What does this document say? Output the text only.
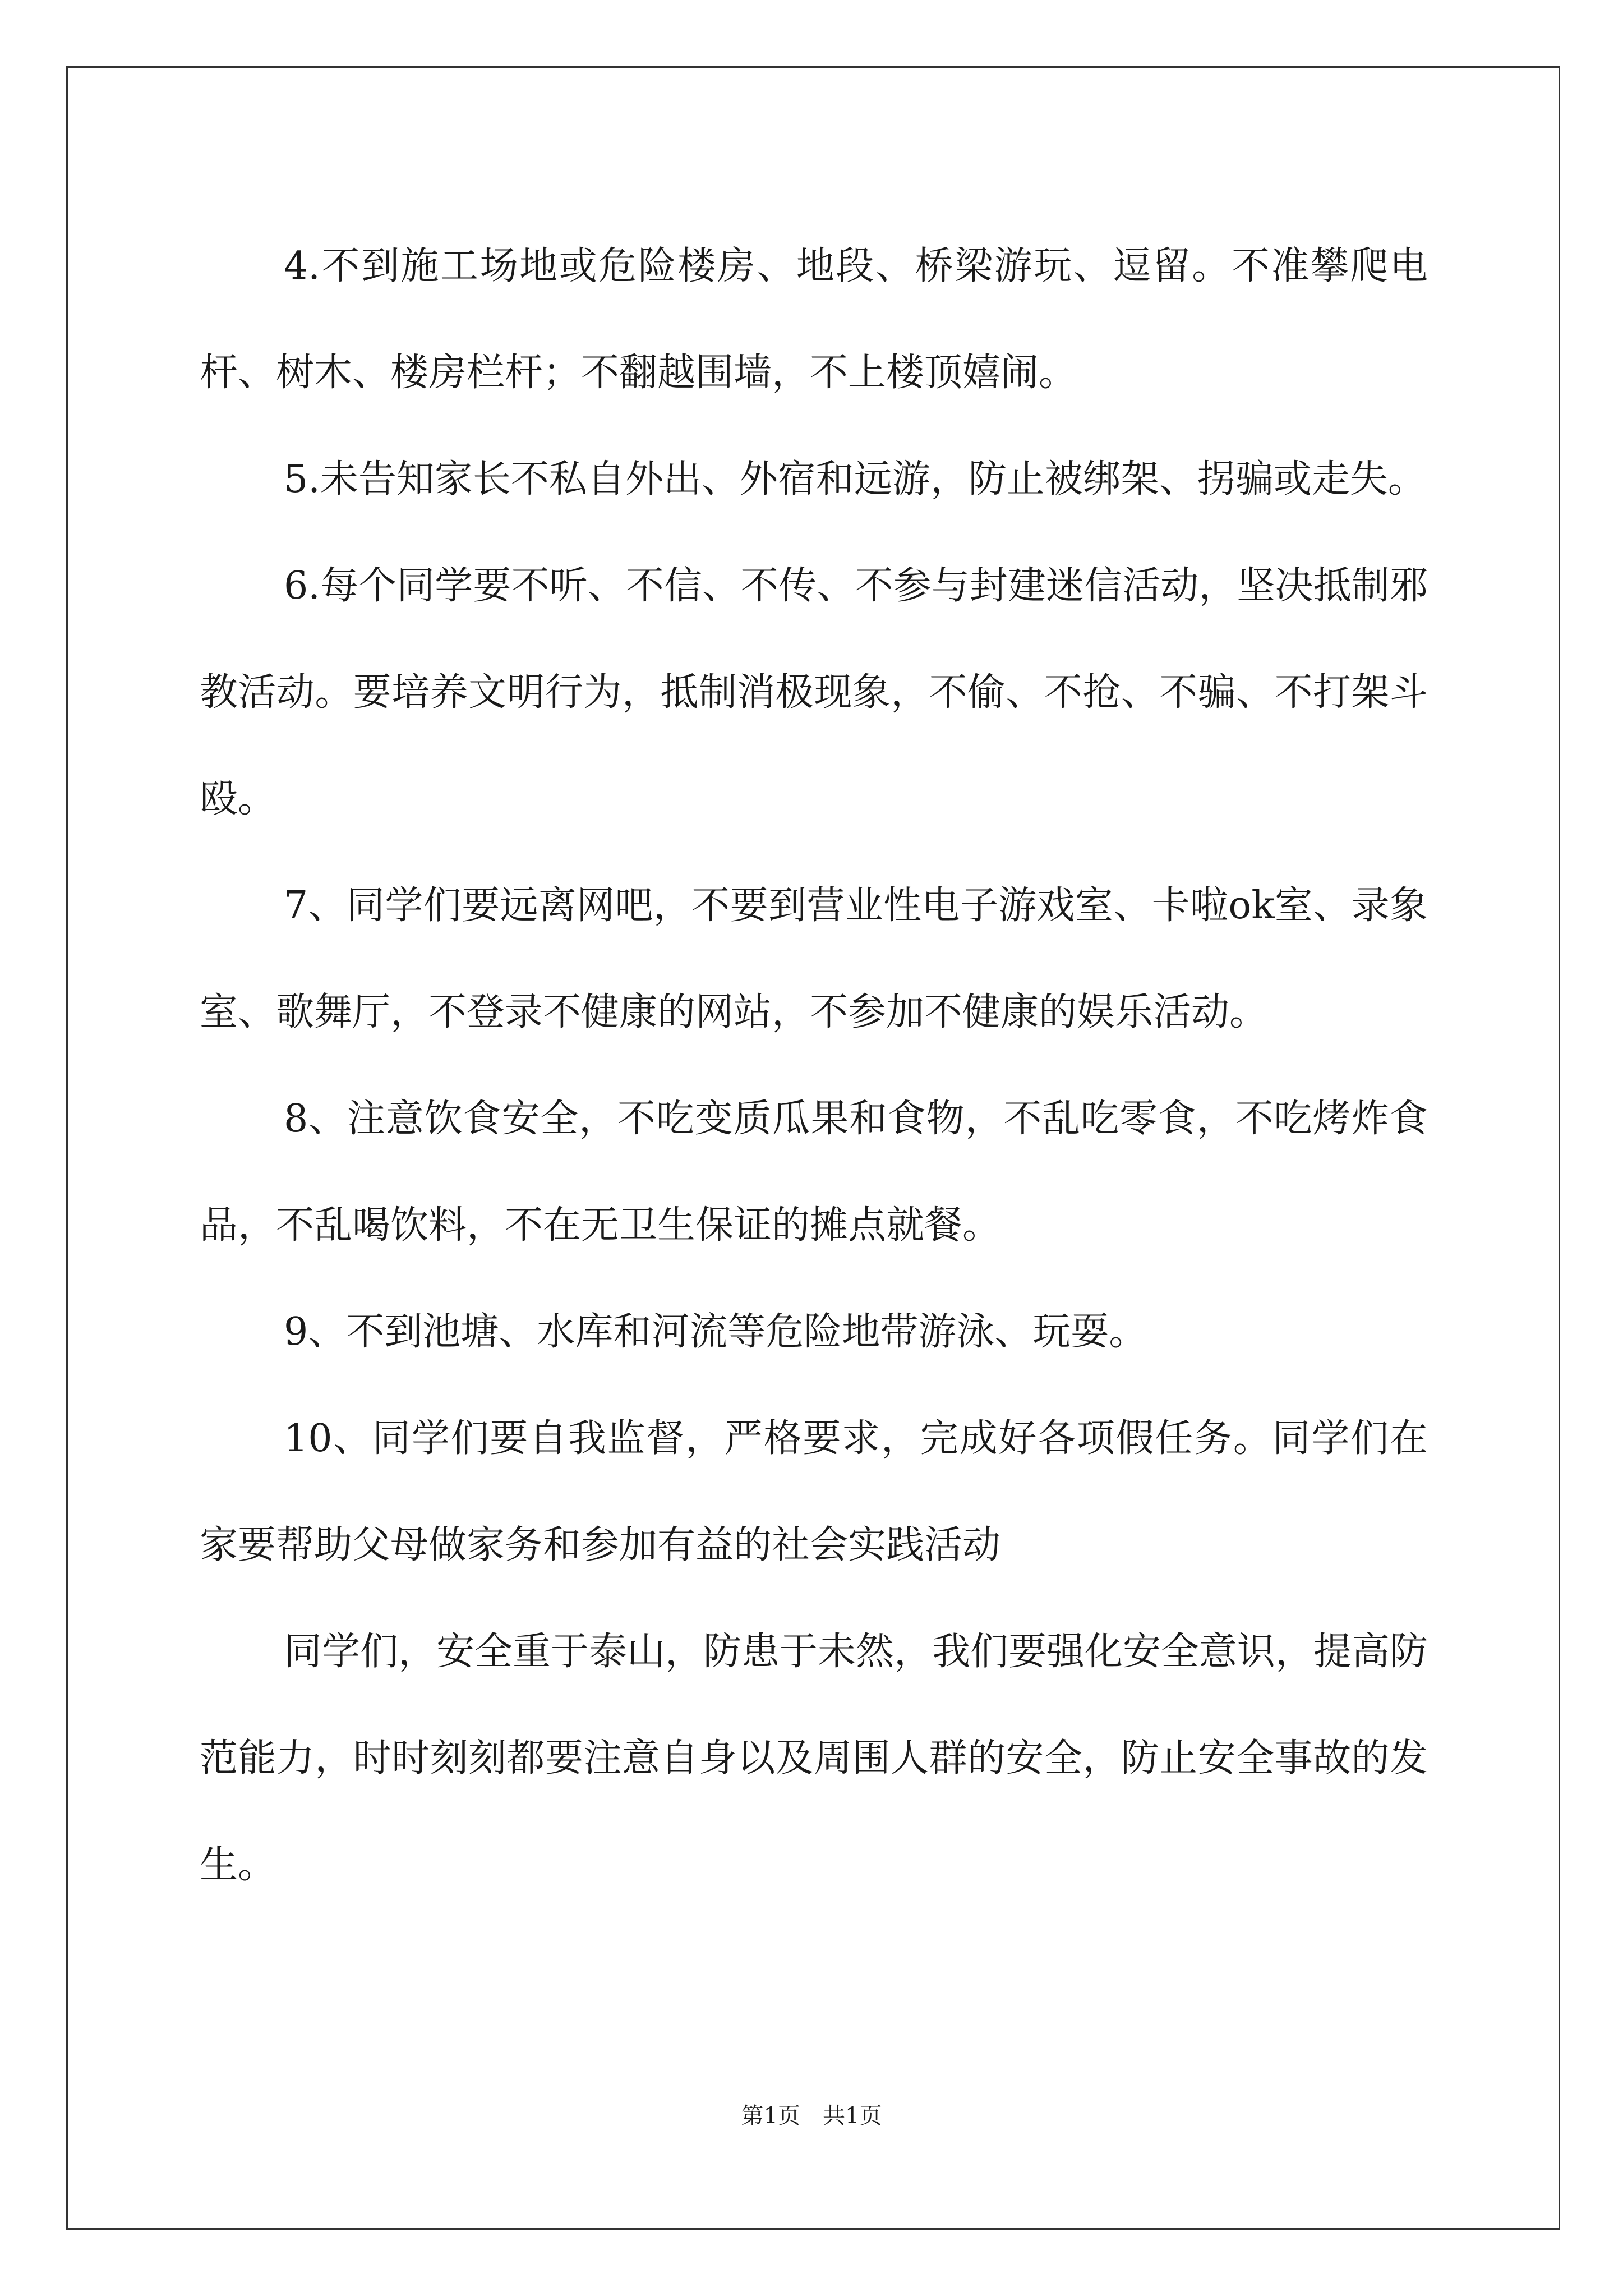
4.不到施工场地或危险楼房、地段、桥梁游玩、逗留。不准攀爬电杆、树木、楼房栏杆；不翻越围墙，不上楼顶嬉闹。

5.未告知家长不私自外出、外宿和远游，防止被绑架、拐骗或走失。

6.每个同学要不听、不信、不传、不参与封建迷信活动，坚决抵制邪教活动。要培养文明行为，抵制消极现象，不偷、不抢、不骗、不打架斗殴。

7、同学们要远离网吧，不要到营业性电子游戏室、卡啦ok室、录象室、歌舞厅，不登录不健康的网站，不参加不健康的娱乐活动。

8、注意饮食安全，不吃变质瓜果和食物，不乱吃零食，不吃烤炸食品，不乱喝饮料，不在无卫生保证的摊点就餐。

9、不到池塘、水库和河流等危险地带游泳、玩耍。

10、同学们要自我监督，严格要求，完成好各项假任务。同学们在家要帮助父母做家务和参加有益的社会实践活动

同学们，安全重于泰山，防患于未然，我们要强化安全意识，提高防范能力，时时刻刻都要注意自身以及周围人群的安全，防止安全事故的发生。

第1页 共1页
